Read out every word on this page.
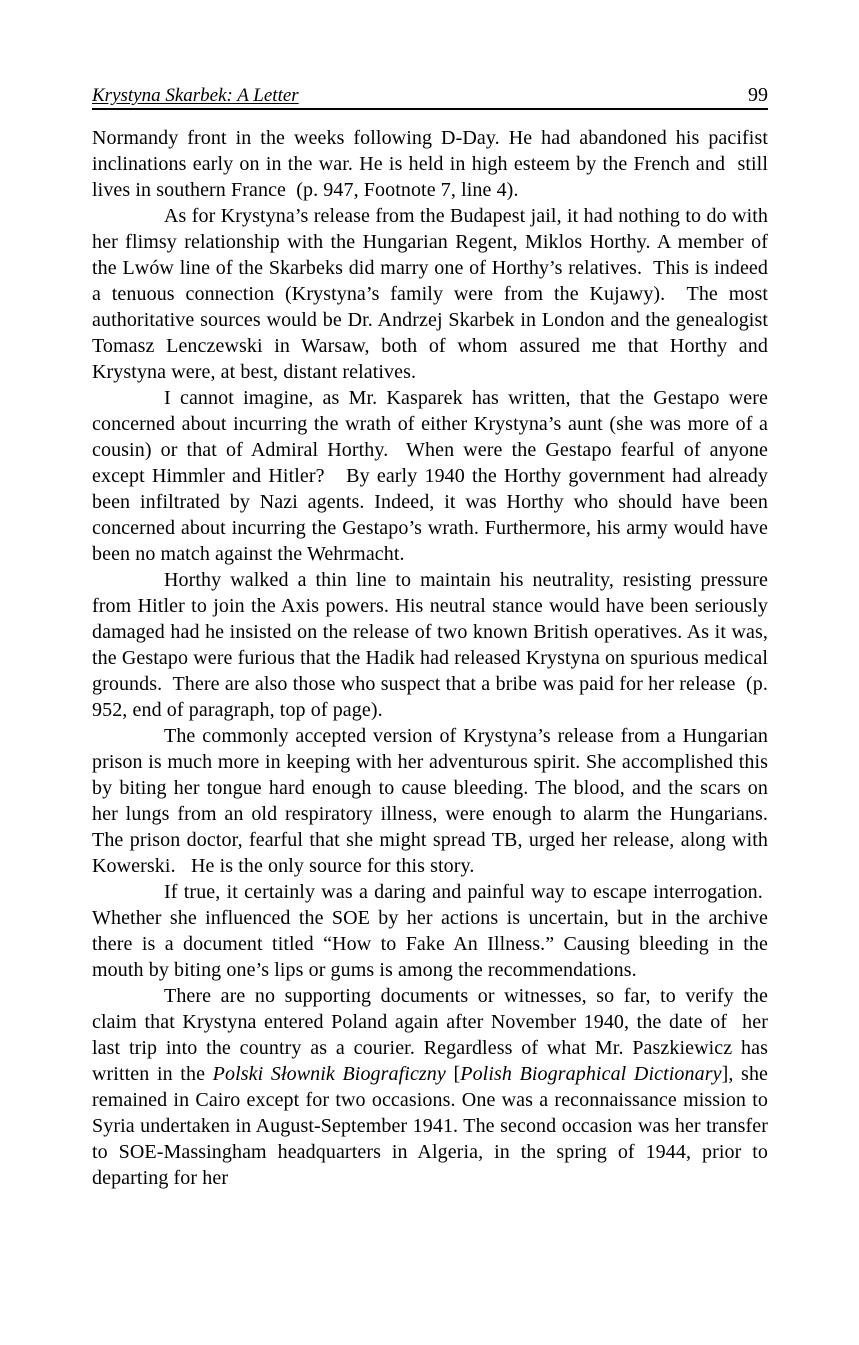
Krystyna Skarbek: A Letter	99

Normandy front in the weeks following D-Day. He had abandoned his pacifist inclinations early on in the war. He is held in high esteem by the French and  still lives in southern France  (p. 947, Footnote 7, line 4).

As for Krystyna’s release from the Budapest jail, it had nothing to do with her flimsy relationship with the Hungarian Regent, Miklos Horthy. A member of the Lwów line of the Skarbeks did marry one of Horthy’s relatives.  This is indeed a tenuous connection (Krystyna’s family were from the Kujawy).  The most authoritative sources would be Dr. Andrzej Skarbek in London and the genealogist Tomasz Lenczewski in Warsaw, both of whom assured me that Horthy and Krystyna were, at best, distant relatives.

I cannot imagine, as Mr. Kasparek has written, that the Gestapo were concerned about incurring the wrath of either Krystyna’s aunt (she was more of a cousin) or that of Admiral Horthy.  When were the Gestapo fearful of anyone except Himmler and Hitler?   By early 1940 the Horthy government had already been infiltrated by Nazi agents. Indeed, it was Horthy who should have been concerned about incurring the Gestapo’s wrath. Furthermore, his army would have been no match against the Wehrmacht.

Horthy walked a thin line to maintain his neutrality, resisting pressure from Hitler to join the Axis powers. His neutral stance would have been seriously damaged had he insisted on the release of two known British operatives. As it was, the Gestapo were furious that the Hadik had released Krystyna on spurious medical grounds.  There are also those who suspect that a bribe was paid for her release  (p. 952, end of paragraph, top of page).

The commonly accepted version of Krystyna’s release from a Hungarian prison is much more in keeping with her adventurous spirit. She accomplished this by biting her tongue hard enough to cause bleeding. The blood, and the scars on her lungs from an old respiratory illness, were enough to alarm the Hungarians. The prison doctor, fearful that she might spread TB, urged her release, along with Kowerski.   He is the only source for this story.

If true, it certainly was a daring and painful way to escape interrogation.  Whether she influenced the SOE by her actions is uncertain, but in the archive there is a document titled “How to Fake An Illness.” Causing bleeding in the mouth by biting one’s lips or gums is among the recommendations.

There are no supporting documents or witnesses, so far, to verify the claim that Krystyna entered Poland again after November 1940, the date of  her last trip into the country as a courier. Regardless of what Mr. Paszkiewicz has written in the Polski Słownik Biograficzny [Polish Biographical Dictionary], she remained in Cairo except for two occasions. One was a reconnaissance mission to Syria undertaken in August-September 1941. The second occasion was her transfer to SOE-Massingham headquarters in Algeria, in the spring of 1944, prior to departing for her
